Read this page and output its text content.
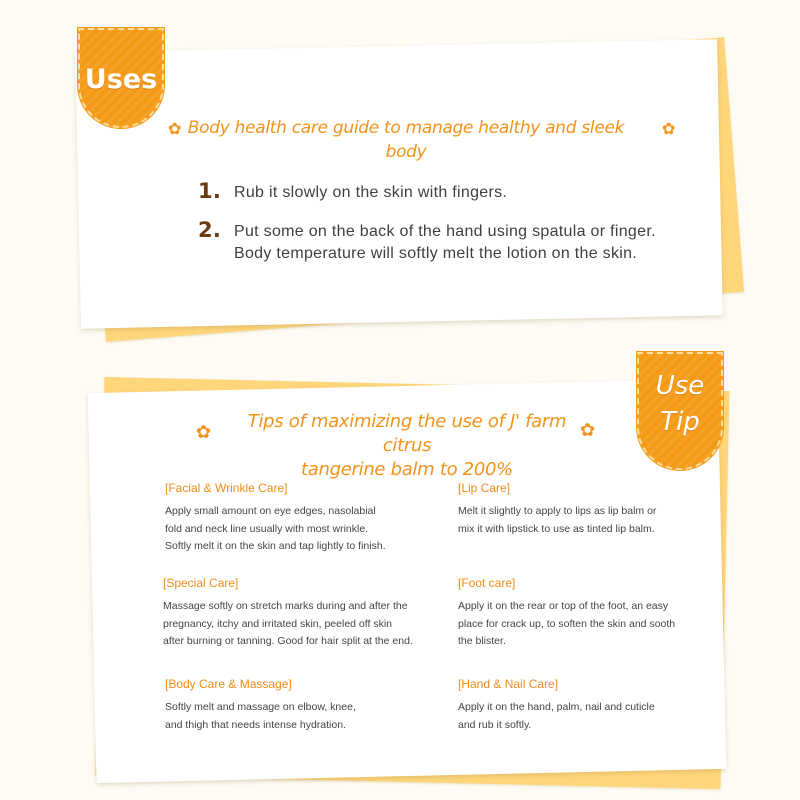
Uses
✿ Body health care guide to manage healthy and sleek body
✿
1. Rub it slowly on the skin with fingers.
2. Put some on the back of the hand using spatula or finger.
Body temperature will softly melt the lotion on the skin.
Use
Tip
✿	Tips of maximizing the use of J' farm citrus
tangerine balm to 200%
✿
[Facial & Wrinkle Care]
Apply small amount on eye edges, nasolabial
fold and neck line usually with most wrinkle.
Softly melt it on the skin and tap lightly to finish.
[Lip Care]
Melt it slightly to apply to lips as lip balm or
mix it with lipstick to use as tinted lip balm.
[Special Care]
Massage softly on stretch marks during and after the
pregnancy, itchy and irritated skin, peeled off skin
after burning or tanning. Good for hair split at the end.
[Foot care]
Apply it on the rear or top of the foot, an easy
place for crack up, to soften the skin and sooth
the blister.
[Body Care & Massage]
Softly melt and massage on elbow, knee,
and thigh that needs intense hydration.
[Hand & Nail Care]
Apply it on the hand, palm, nail and cuticle
and rub it softly.
